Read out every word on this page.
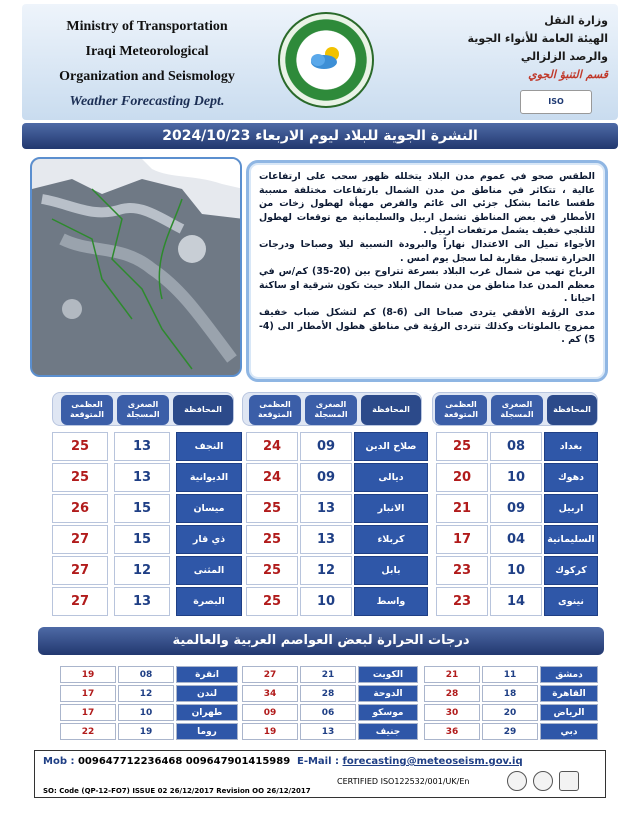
Ministry of Transportation
Iraqi Meteorological
Organization and Seismology
Weather Forecasting Dept.
وزارة النقل
الهيئة العامة للأنواء الجوية
والرصد الزلزالي
قسم التنبؤ الجوي
ISO
النشرة الجوية للبلاد ليوم الاربعاء 2024/10/23

الطقس صحو في عموم مدن البلاد يتخلله ظهور سحب على ارتفاعات عالية ، تتكاثر في مناطق من مدن الشمال بارتفاعات مختلفة مسببة طقسا غائما بشكل جزئي الى غائم والفرص مهيأة لهطول زخات من الأمطار في بعض المناطق تشمل اربيل والسليمانية مع توقعات لهطول للثلجي خفيف يشمل مرتفعات اربيل .

الأجواء تميل الى الاعتدال نهاراً والبرودة النسبية ليلا وصباحا ودرجات الحرارة تسجل مقاربة لما سجل يوم امس .

الرياح تهب من شمال غرب البلاد بسرعة تتراوح بين (20-35) كم/س في معظم المدن عدا مناطق من مدن شمال البلاد حيث تكون شرقية او ساكنة احيانا .

مدى الرؤية الأفقي يتردى صباحا الى (6-8) كم لتشكل ضباب خفيف ممزوج بالملوثات وكذلك تتردى الرؤية في مناطق هطول الأمطار الى (4-5) كم .

المحافظة
الصغرى المسجلة
العظمى المتوقعة
المحافظة
الصغرى المسجلة
العظمى المتوقعة
المحافظة
الصغرى المسجلة
العظمى المتوقعة
بغداد
08
25
دهوك
10
20
اربيل
09
21
السليمانية
04
17
كركوك
10
23
نينوى
14
23
صلاح الدين
09
24
ديالى
09
24
الانبار
13
25
كربلاء
13
25
بابل
12
25
واسط
10
25
النجف
13
25
الديوانية
13
25
ميسان
15
26
ذي قار
15
27
المثنى
12
27
البصرة
13
27
درجات الحرارة لبعض العواصم العربية والعالمية
دمشق
11
21
القاهرة
18
28
الرياض
20
30
دبي
29
36
الكويت
21
27
الدوحة
28
34
موسكو
06
09
جنيف
13
19
انقرة
08
19
لندن
12
17
طهران
10
17
روما
19
22
Mob : 009647712236468 009647901415989 E-Mail : forecasting@meteoseism.gov.iq
CERTIFIED ISO122532/001/UK/En
SO: Code (QP-12-FO7) ISSUE 02 26/12/2017 Revision OO 26/12/2017
